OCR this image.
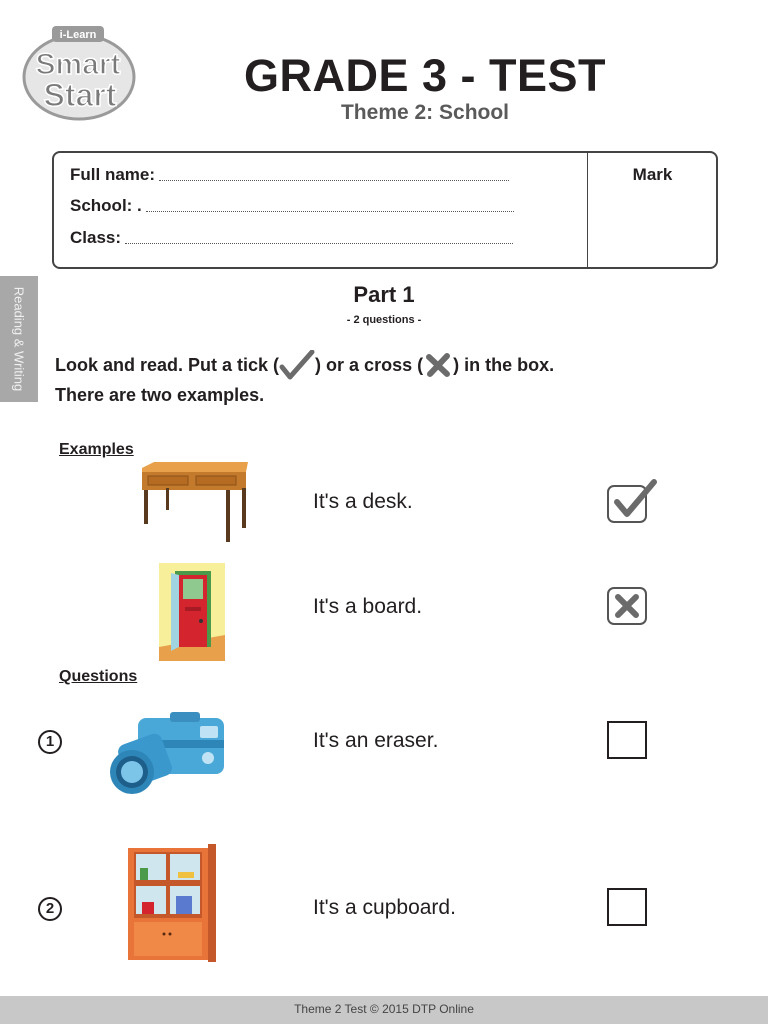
i-Learn
Smart
Start	GRADE 3 - TEST
Theme 2: School
Full name:
School: .
Class:
Mark
Reading & Writing	Part 1
- 2 questions -
Look and read. Put a tick ( ) or a cross ( ) in the box.
There are two examples.
Examples
It's a desk.
It's a board.
Questions
1	It's an eraser.
2	It's a cupboard.
Theme 2 Test © 2015 DTP Online
